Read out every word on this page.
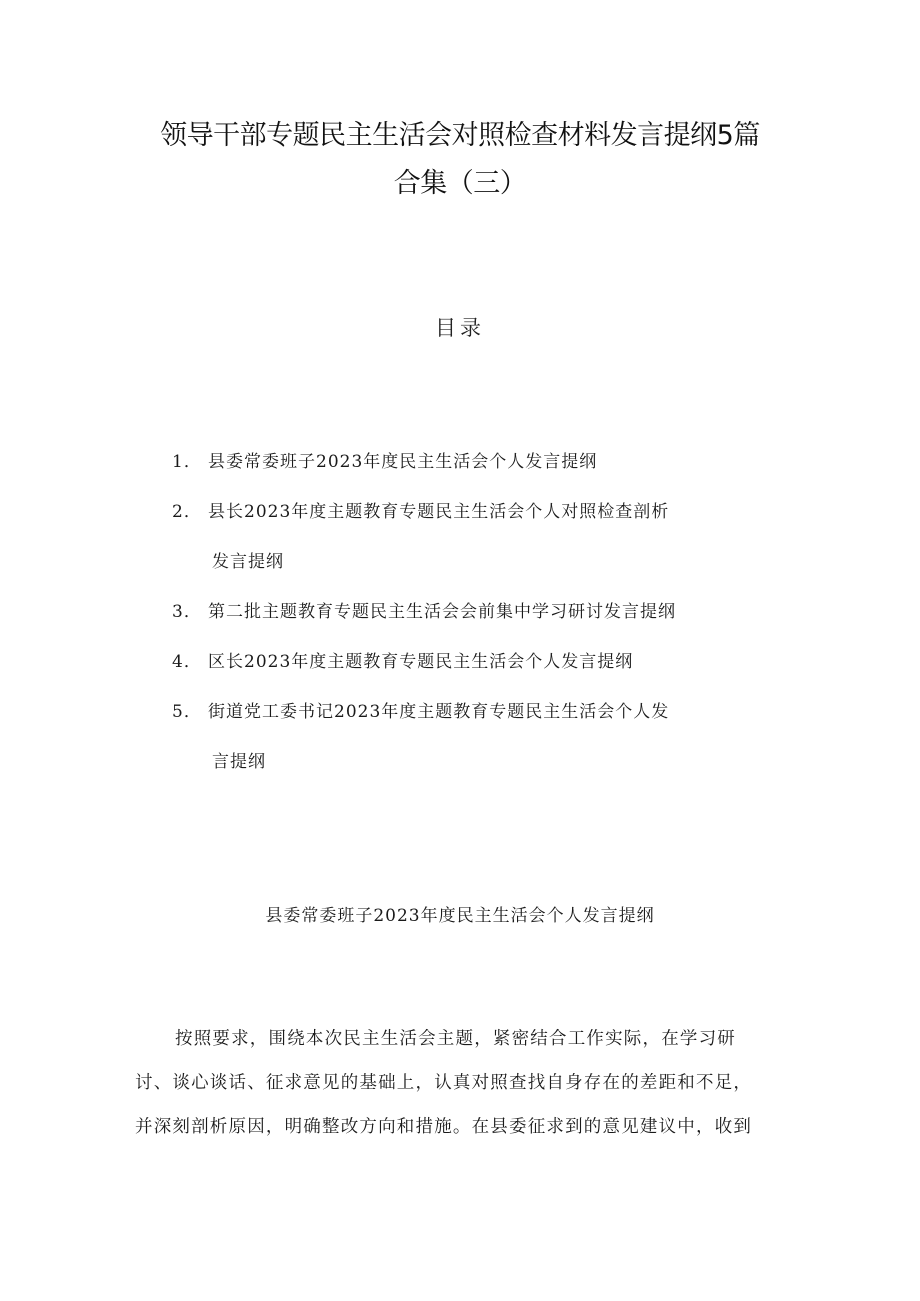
领导干部专题民主生活会对照检查材料发言提纲5篇
合集（三）
目录
1． 县委常委班子2023年度民主生活会个人发言提纲
2． 县长2023年度主题教育专题民主生活会个人对照检查剖析
发言提纲
3． 第二批主题教育专题民主生活会会前集中学习研讨发言提纲
4． 区长2023年度主题教育专题民主生活会个人发言提纲
5． 街道党工委书记2023年度主题教育专题民主生活会个人发
言提纲
县委常委班子2023年度民主生活会个人发言提纲
按照要求，围绕本次民主生活会主题，紧密结合工作实际，在学习研
讨、谈心谈话、征求意见的基础上，认真对照查找自身存在的差距和不足，
并深刻剖析原因，明确整改方向和措施。在县委征求到的意见建议中，收到
